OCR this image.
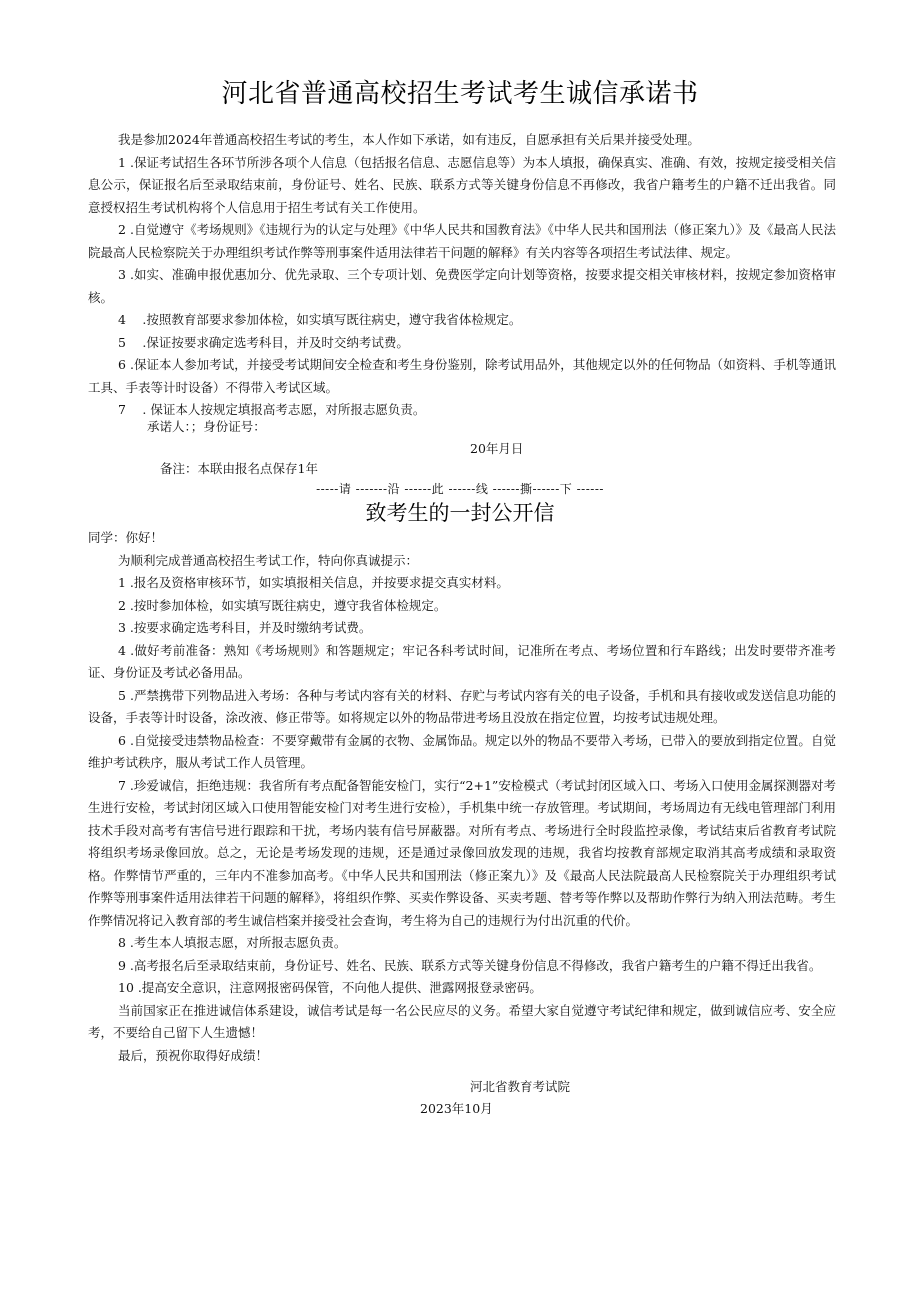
河北省普通高校招生考试考生诚信承诺书

我是参加2024年普通高校招生考试的考生，本人作如下承诺，如有违反，自愿承担有关后果并接受处理。

1 .保证考试招生各环节所涉各项个人信息（包括报名信息、志愿信息等）为本人填报，确保真实、准确、有效，按规定接受相关信息公示，保证报名后至录取结束前，身份证号、姓名、民族、联系方式等关键身份信息不再修改，我省户籍考生的户籍不迁出我省。同意授权招生考试机构将个人信息用于招生考试有关工作使用。

2 .自觉遵守《考场规则》《违规行为的认定与处理》《中华人民共和国教育法》《中华人民共和国刑法（修正案九）》及《最高人民法院最高人民检察院关于办理组织考试作弊等刑事案件适用法律若干问题的解释》有关内容等各项招生考试法律、规定。

3 .如实、准确申报优惠加分、优先录取、三个专项计划、免费医学定向计划等资格，按要求提交相关审核材料，按规定参加资格审核。

4　 .按照教育部要求参加体检，如实填写既往病史，遵守我省体检规定。

5　 .保证按要求确定选考科目，并及时交纳考试费。

6 .保证本人参加考试，并接受考试期间安全检查和考生身份鉴别，除考试用品外，其他规定以外的任何物品（如资料、手机等通讯工具、手表等计时设备）不得带入考试区域。

7　 . 保证本人按规定填报高考志愿，对所报志愿负责。

承诺人：；身份证号：
20年月日
备注：本联由报名点保存1年
-----请 -------沿 ------此 ------线 ------撕------下 ------
致考生的一封公开信

同学：你好！

为顺利完成普通高校招生考试工作，特向你真诚提示：

1 .报名及资格审核环节，如实填报相关信息，并按要求提交真实材料。

2 .按时参加体检，如实填写既往病史，遵守我省体检规定。

3 .按要求确定选考科目，并及时缴纳考试费。

4 .做好考前准备：熟知《考场规则》和答题规定；牢记各科考试时间，记准所在考点、考场位置和行车路线；出发时要带齐准考证、身份证及考试必备用品。

5 .严禁携带下列物品进入考场：各种与考试内容有关的材料、存贮与考试内容有关的电子设备，手机和具有接收或发送信息功能的设备，手表等计时设备，涂改液、修正带等。如将规定以外的物品带进考场且没放在指定位置，均按考试违规处理。

6 .自觉接受违禁物品检查：不要穿戴带有金属的衣物、金属饰品。规定以外的物品不要带入考场，已带入的要放到指定位置。自觉维护考试秩序，服从考试工作人员管理。

7 .珍爱诚信，拒绝违规：我省所有考点配备智能安检门，实行“2+1”安检模式（考试封闭区域入口、考场入口使用金属探测器对考生进行安检，考试封闭区域入口使用智能安检门对考生进行安检），手机集中统一存放管理。考试期间，考场周边有无线电管理部门利用技术手段对高考有害信号进行跟踪和干扰，考场内装有信号屏蔽器。对所有考点、考场进行全时段监控录像，考试结束后省教育考试院将组织考场录像回放。总之，无论是考场发现的违规，还是通过录像回放发现的违规，我省均按教育部规定取消其高考成绩和录取资格。作弊情节严重的，三年内不准参加高考。《中华人民共和国刑法（修正案九）》及《最高人民法院最高人民检察院关于办理组织考试作弊等刑事案件适用法律若干问题的解释》，将组织作弊、买卖作弊设备、买卖考题、替考等作弊以及帮助作弊行为纳入刑法范畴。考生作弊情况将记入教育部的考生诚信档案并接受社会查询，考生将为自己的违规行为付出沉重的代价。

8 .考生本人填报志愿，对所报志愿负责。

9 .高考报名后至录取结束前，身份证号、姓名、民族、联系方式等关键身份信息不得修改，我省户籍考生的户籍不得迁出我省。

10 .提高安全意识，注意网报密码保管，不向他人提供、泄露网报登录密码。

当前国家正在推进诚信体系建设，诚信考试是每一名公民应尽的义务。希望大家自觉遵守考试纪律和规定，做到诚信应考、安全应考，不要给自己留下人生遗憾！

最后，预祝你取得好成绩！

河北省教育考试院
2023年10月
